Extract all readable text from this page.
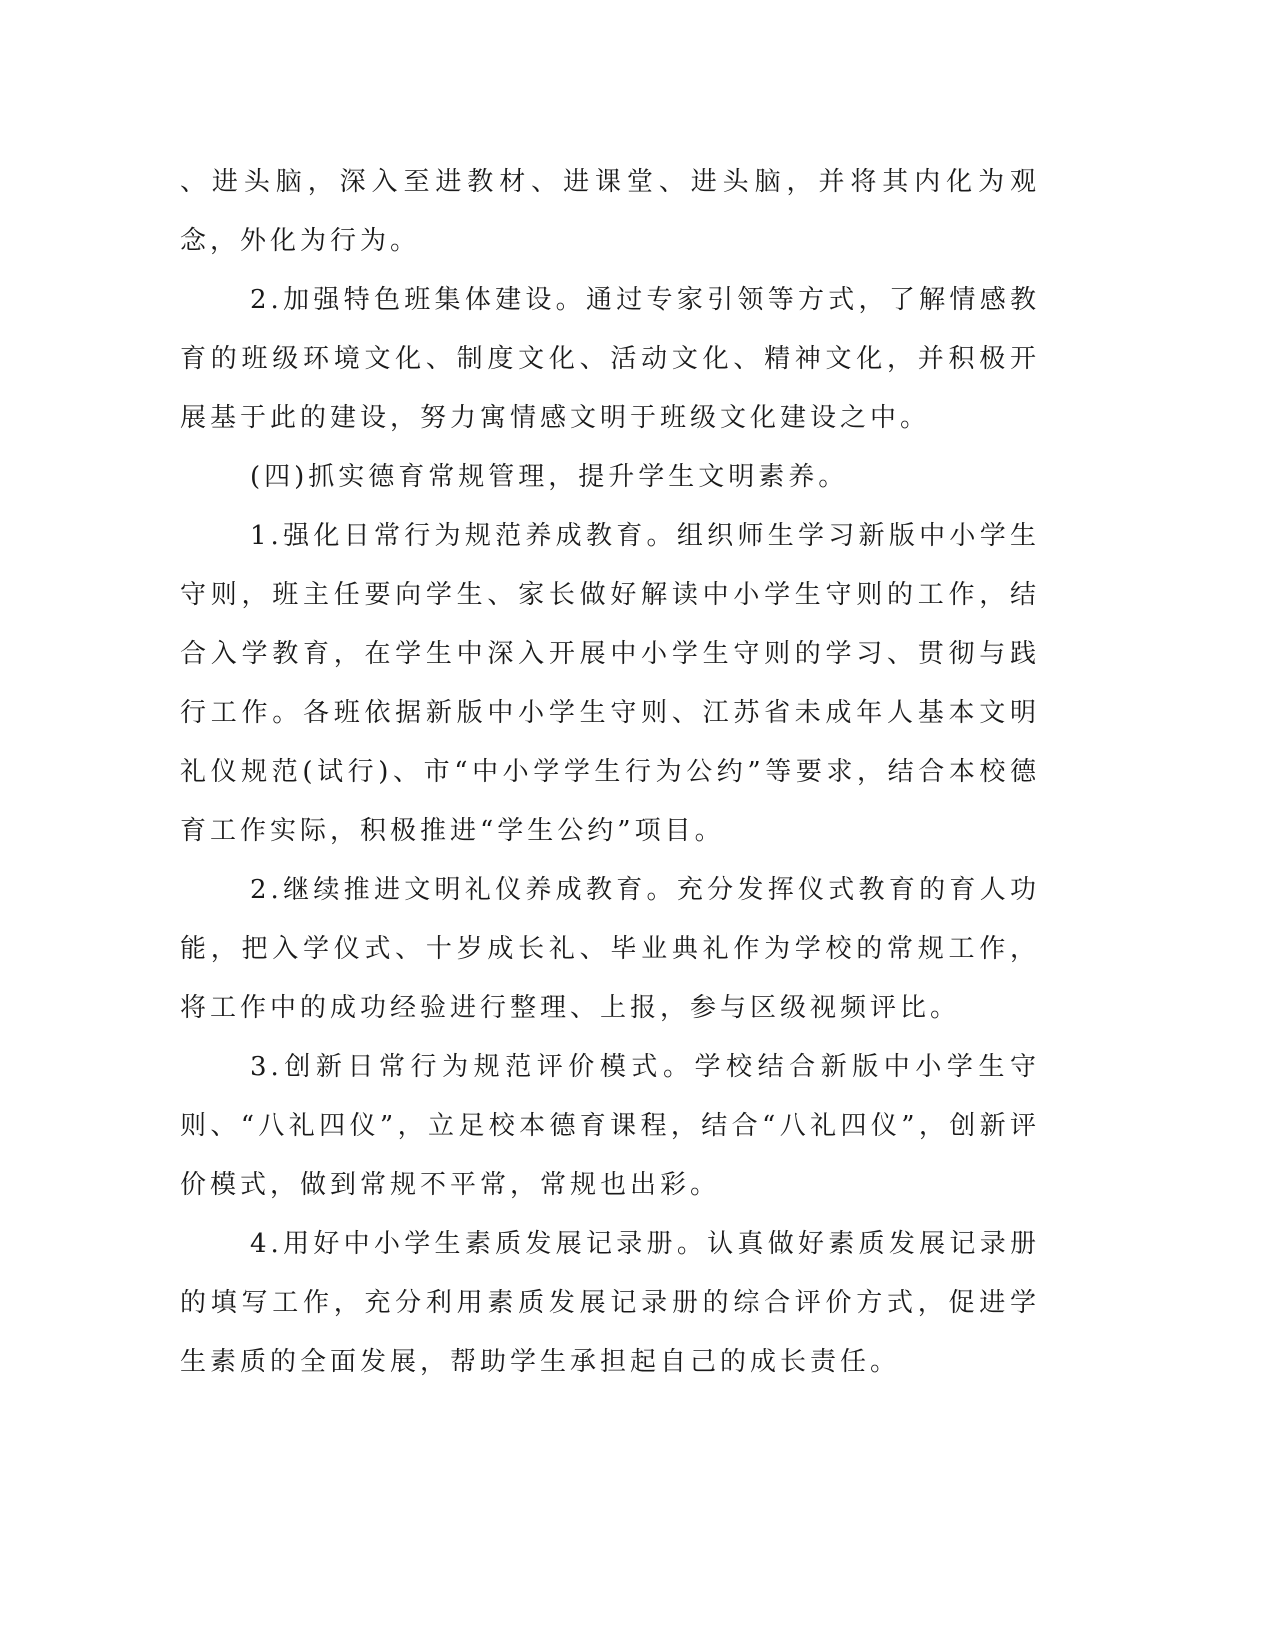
、进头脑，深入至进教材、进课堂、进头脑，并将其内化为观念，外化为行为。

2.加强特色班集体建设。通过专家引领等方式，了解情感教育的班级环境文化、制度文化、活动文化、精神文化，并积极开展基于此的建设，努力寓情感文明于班级文化建设之中。

(四)抓实德育常规管理，提升学生文明素养。

1.强化日常行为规范养成教育。组织师生学习新版中小学生守则，班主任要向学生、家长做好解读中小学生守则的工作，结合入学教育，在学生中深入开展中小学生守则的学习、贯彻与践行工作。各班依据新版中小学生守则、江苏省未成年人基本文明礼仪规范(试行)、市“中小学学生行为公约”等要求，结合本校德育工作实际，积极推进“学生公约”项目。

2.继续推进文明礼仪养成教育。充分发挥仪式教育的育人功能，把入学仪式、十岁成长礼、毕业典礼作为学校的常规工作，将工作中的成功经验进行整理、上报，参与区级视频评比。

3.创新日常行为规范评价模式。学校结合新版中小学生守则、“八礼四仪”，立足校本德育课程，结合“八礼四仪”，创新评价模式，做到常规不平常，常规也出彩。

4.用好中小学生素质发展记录册。认真做好素质发展记录册的填写工作，充分利用素质发展记录册的综合评价方式，促进学生素质的全面发展，帮助学生承担起自己的成长责任。
